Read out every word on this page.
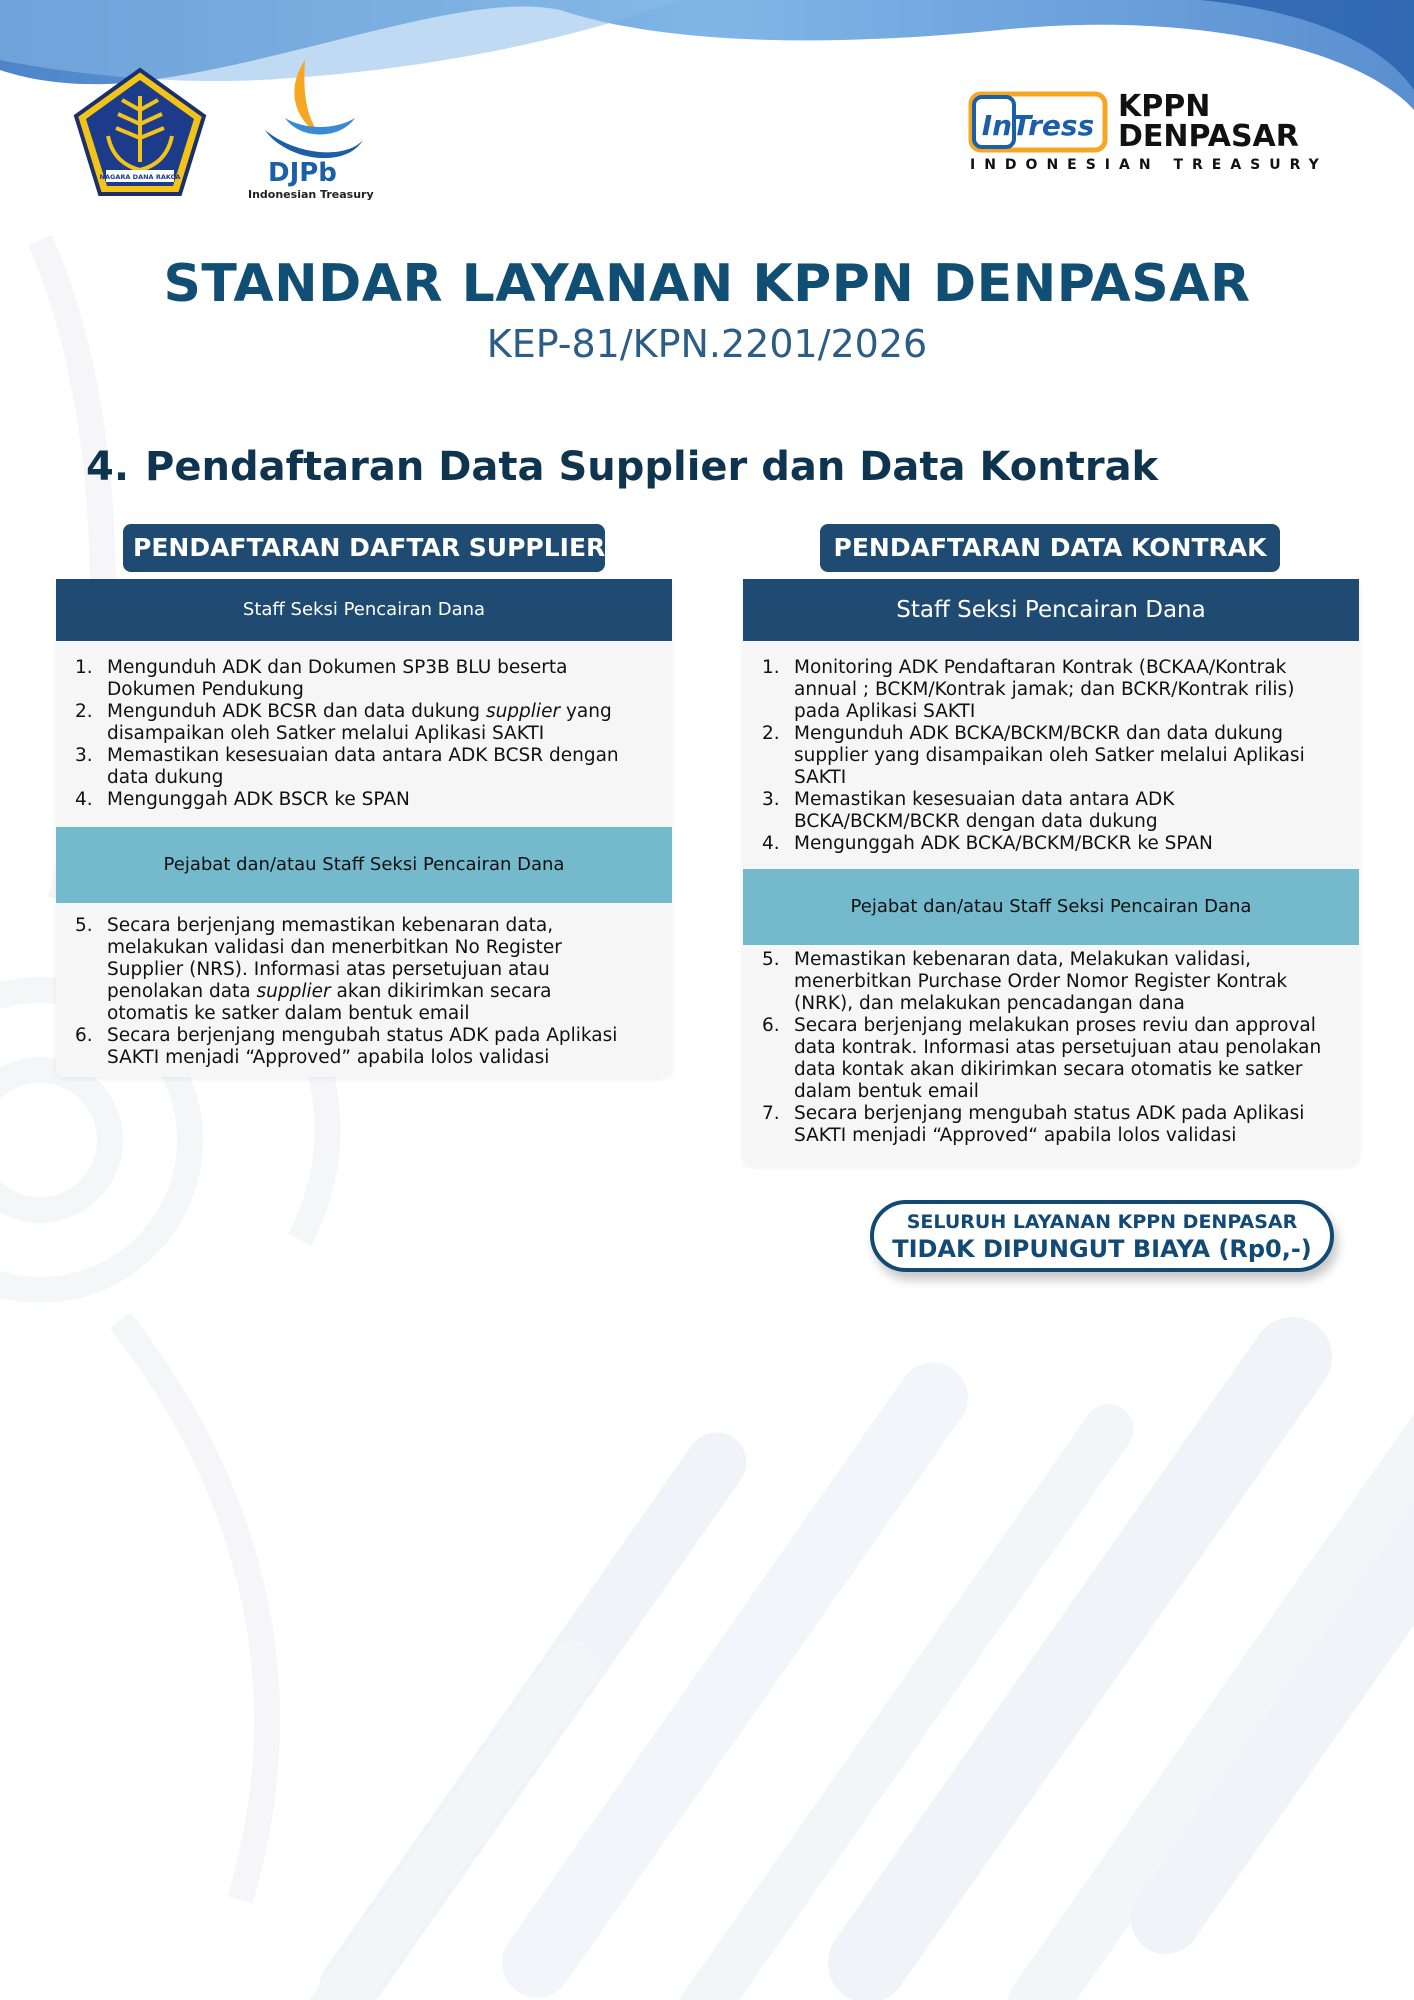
NAGARA DANA RAKCA	DJPb
Indonesian Treasury
InTress
KPPN
DENPASAR
INDONESIAN TREASURY
STANDAR LAYANAN KPPN DENPASAR
KEP-81/KPN.2201/2026
4. Pendaftaran Data Supplier dan Data Kontrak
PENDAFTARAN DAFTAR SUPPLIER	PENDAFTARAN DATA KONTRAK
Staff Seksi Pencairan Dana
1. Mengunduh ADK dan Dokumen SP3B BLU beserta
Dokumen Pendukung
2. Mengunduh ADK BCSR dan data dukung supplier yang
disampaikan oleh Satker melalui Aplikasi SAKTI
3. Memastikan kesesuaian data antara ADK BCSR dengan
data dukung
4. Mengunggah ADK BSCR ke SPAN
Pejabat dan/atau Staff Seksi Pencairan Dana
5. Secara berjenjang memastikan kebenaran data,
melakukan validasi dan menerbitkan No Register
Supplier (NRS). Informasi atas persetujuan atau
penolakan data supplier akan dikirimkan secara
otomatis ke satker dalam bentuk email
6. Secara berjenjang mengubah status ADK pada Aplikasi
SAKTI menjadi “Approved” apabila lolos validasi
Staff Seksi Pencairan Dana
1. Monitoring ADK Pendaftaran Kontrak (BCKAA/Kontrak
annual ; BCKM/Kontrak jamak; dan BCKR/Kontrak rilis)
pada Aplikasi SAKTI
2. Mengunduh ADK BCKA/BCKM/BCKR dan data dukung
supplier yang disampaikan oleh Satker melalui Aplikasi
SAKTI
3. Memastikan kesesuaian data antara ADK
BCKA/BCKM/BCKR dengan data dukung
4. Mengunggah ADK BCKA/BCKM/BCKR ke SPAN
Pejabat dan/atau Staff Seksi Pencairan Dana
5. Memastikan kebenaran data, Melakukan validasi,
menerbitkan Purchase Order Nomor Register Kontrak
(NRK), dan melakukan pencadangan dana
6. Secara berjenjang melakukan proses reviu dan approval
data kontrak. Informasi atas persetujuan atau penolakan
data kontak akan dikirimkan secara otomatis ke satker
dalam bentuk email
7. Secara berjenjang mengubah status ADK pada Aplikasi
SAKTI menjadi “Approved“ apabila lolos validasi
SELURUH LAYANAN KPPN DENPASAR
TIDAK DIPUNGUT BIAYA (Rp0,-)
